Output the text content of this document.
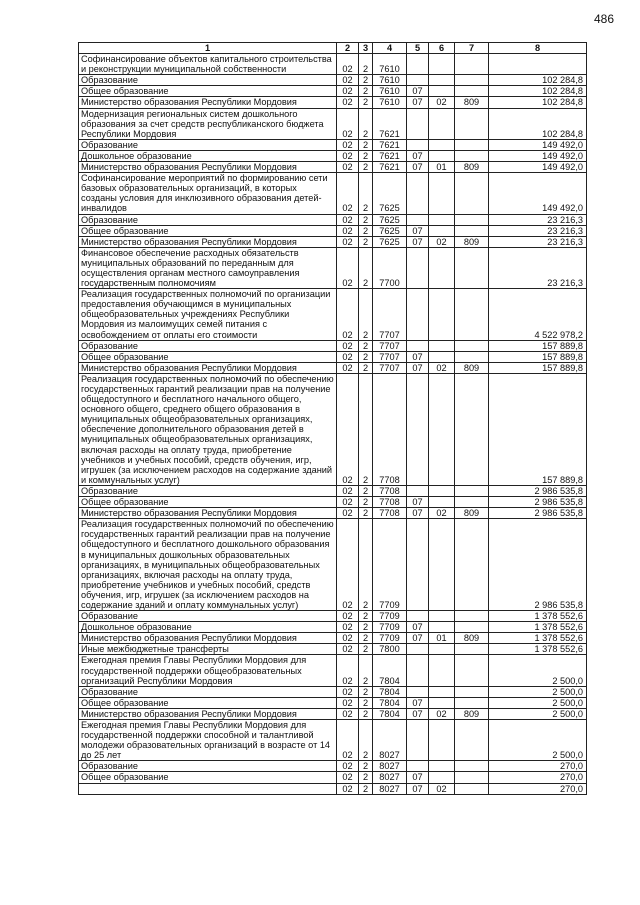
486
1	2	3	4	5	6	7	8
Софинансирование объектов капитального строительства и реконструкции муниципальной собственности	02	2	7610				
Образование	02	2	7610				102 284,8
Общее образование	02	2	7610	07			102 284,8
Министерство образования Республики Мордовия	02	2	7610	07	02	809	102 284,8
Модернизация региональных систем дошкольного образования за счет средств республиканского бюджета Республики Мордовия	02	2	7621				102 284,8
Образование	02	2	7621				149 492,0
Дошкольное образование	02	2	7621	07			149 492,0
Министерство образования Республики Мордовия	02	2	7621	07	01	809	149 492,0
Софинансирование мероприятий по формированию сети базовых образовательных организаций, в которых созданы условия для инклюзивного образования детей-инвалидов	02	2	7625				149 492,0
Образование	02	2	7625				23 216,3
Общее образование	02	2	7625	07			23 216,3
Министерство образования Республики Мордовия	02	2	7625	07	02	809	23 216,3
Финансовое обеспечение расходных обязательств муниципальных образований по переданным для осуществления органам местного самоуправления государственным полномочиям	02	2	7700				23 216,3
Реализация государственных полномочий по организации предоставления обучающимся в муниципальных общеобразовательных учреждениях Республики Мордовия из малоимущих семей питания с освобождением от оплаты его стоимости	02	2	7707				4 522 978,2
Образование	02	2	7707				157 889,8
Общее образование	02	2	7707	07			157 889,8
Министерство образования Республики Мордовия	02	2	7707	07	02	809	157 889,8
Реализация государственных полномочий по обеспечению государственных гарантий реализации прав на получение общедоступного и бесплатного начального общего, основного общего, среднего общего образования в муниципальных общеобразовательных организациях, обеспечение дополнительного образования детей в муниципальных общеобразовательных организациях, включая расходы на оплату труда, приобретение учебников и учебных пособий, средств обучения, игр, игрушек (за исключением расходов на содержание зданий и коммунальных услуг)	02	2	7708				157 889,8
Образование	02	2	7708				2 986 535,8
Общее образование	02	2	7708	07			2 986 535,8
Министерство образования Республики Мордовия	02	2	7708	07	02	809	2 986 535,8
Реализация государственных полномочий по обеспечению государственных гарантий реализации прав на получение общедоступного и бесплатного дошкольного образования в муниципальных дошкольных образовательных организациях, в муниципальных общеобразовательных организациях, включая расходы на оплату труда, приобретение учебников и учебных пособий, средств обучения, игр, игрушек (за исключением расходов на содержание зданий и оплату коммунальных услуг)	02	2	7709				2 986 535,8
Образование	02	2	7709				1 378 552,6
Дошкольное образование	02	2	7709	07			1 378 552,6
Министерство образования Республики Мордовия	02	2	7709	07	01	809	1 378 552,6
Иные межбюджетные трансферты	02	2	7800				1 378 552,6
Ежегодная премия Главы Республики Мордовия для государственной поддержки общеобразовательных организаций Республики Мордовия	02	2	7804				2 500,0
Образование	02	2	7804				2 500,0
Общее образование	02	2	7804	07			2 500,0
Министерство образования Республики Мордовия	02	2	7804	07	02	809	2 500,0
Ежегодная премия Главы Республики Мордовия для государственной поддержки способной и талантливой молодежи образовательных организаций в возрасте от 14 до 25 лет	02	2	8027				2 500,0
Образование	02	2	8027				270,0
Общее образование	02	2	8027	07			270,0
	02	2	8027	07	02		270,0
